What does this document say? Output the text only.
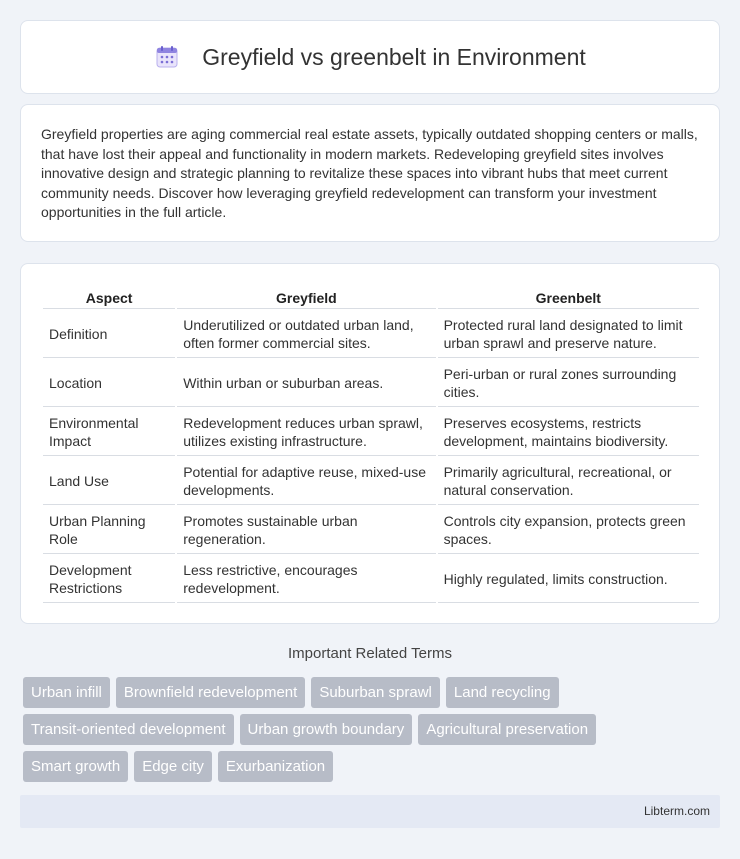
Greyfield vs greenbelt in Environment

Greyfield properties are aging commercial real estate assets, typically outdated shopping centers or malls, that have lost their appeal and functionality in modern markets. Redeveloping greyfield sites involves innovative design and strategic planning to revitalize these spaces into vibrant hubs that meet current community needs. Discover how leveraging greyfield redevelopment can transform your investment opportunities in the full article.

Aspect	Greyfield	Greenbelt
Definition	Underutilized or outdated urban land, often former commercial sites.	Protected rural land designated to limit urban sprawl and preserve nature.
Location	Within urban or suburban areas.	Peri-urban or rural zones surrounding cities.
Environmental Impact	Redevelopment reduces urban sprawl, utilizes existing infrastructure.	Preserves ecosystems, restricts development, maintains biodiversity.
Land Use	Potential for adaptive reuse, mixed-use developments.	Primarily agricultural, recreational, or natural conservation.
Urban Planning Role	Promotes sustainable urban regeneration.	Controls city expansion, protects green spaces.
Development Restrictions	Less restrictive, encourages redevelopment.	Highly regulated, limits construction.
Important Related Terms
Urban infill	Brownfield redevelopment	Suburban sprawl	Land recycling
Transit-oriented development	Urban growth boundary	Agricultural preservation
Smart growth	Edge city	Exurbanization
Libterm.com
